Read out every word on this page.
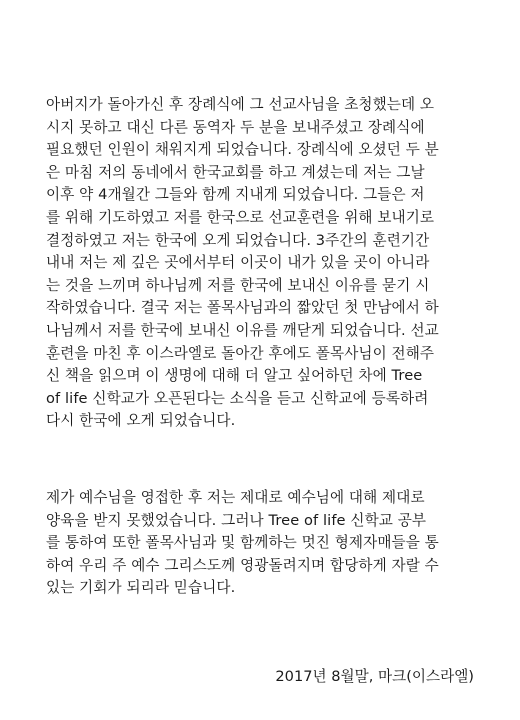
아버지가 돌아가신 후 장례식에 그 선교사님을 초청했는데 오
시지 못하고 대신 다른 동역자 두 분을 보내주셨고 장례식에
필요했던 인원이 채워지게 되었습니다. 장례식에 오셨던 두 분
은 마침 저의 동네에서 한국교회를 하고 계셨는데 저는 그날
이후 약 4개월간 그들와 함께 지내게 되었습니다. 그들은 저
를 위해 기도하였고 저를 한국으로 선교훈련을 위해 보내기로
결정하였고 저는 한국에 오게 되었습니다. 3주간의 훈련기간
내내 저는 제 깊은 곳에서부터 이곳이 내가 있을 곳이 아니라
는 것을 느끼며 하나님께 저를 한국에 보내신 이유를 묻기 시
작하였습니다. 결국 저는 폴목사님과의 짧았던 첫 만남에서 하
나님께서 저를 한국에 보내신 이유를 깨닫게 되었습니다. 선교
훈련을 마친 후 이스라엘로 돌아간 후에도 폴목사님이 전해주
신 책을 읽으며 이 생명에 대해 더 알고 싶어하던 차에 Tree
of life 신학교가 오픈된다는 소식을 듣고 신학교에 등록하려
다시 한국에 오게 되었습니다.
제가 예수님을 영접한 후 저는 제대로 예수님에 대해 제대로
양육을 받지 못했었습니다. 그러나 Tree of life 신학교 공부
를 통하여 또한 폴목사님과 및 함께하는 멋진 형제자매들을 통
하여 우리 주 예수 그리스도께 영광돌려지며 합당하게 자랄 수
있는 기회가 되리라 믿습니다.
2017년 8월말, 마크(이스라엘)
